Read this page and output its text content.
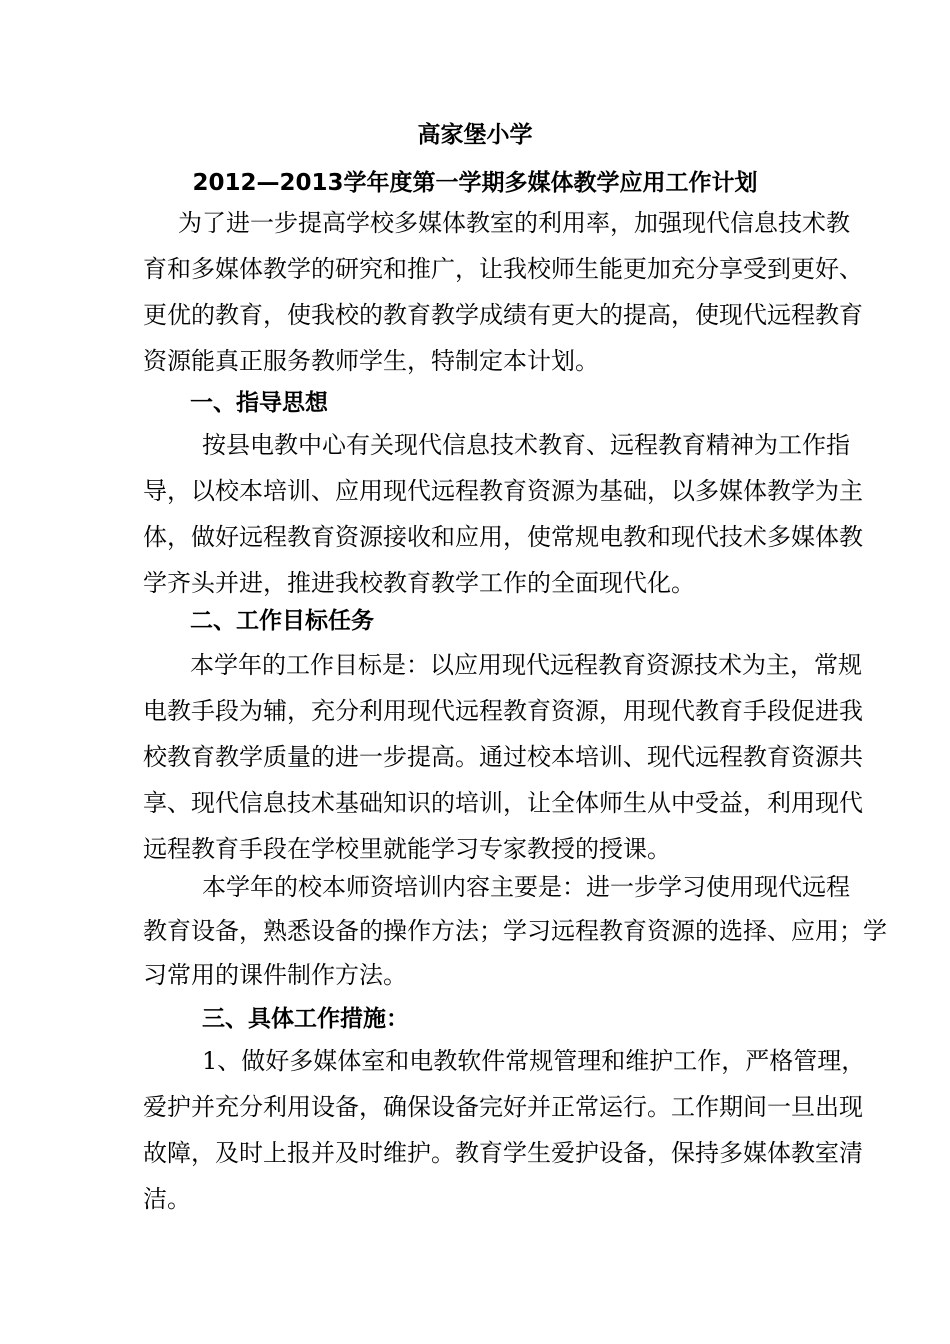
高家堡小学
2012—2013学年度第一学期多媒体教学应用工作计划
为了进一步提高学校多媒体教室的利用率，加强现代信息技术教
育和多媒体教学的研究和推广，让我校师生能更加充分享受到更好、
更优的教育，使我校的教育教学成绩有更大的提高，使现代远程教育
资源能真正服务教师学生，特制定本计划。
一、指导思想
按县电教中心有关现代信息技术教育、远程教育精神为工作指
导，以校本培训、应用现代远程教育资源为基础，以多媒体教学为主
体，做好远程教育资源接收和应用，使常规电教和现代技术多媒体教
学齐头并进，推进我校教育教学工作的全面现代化。
二、工作目标任务
本学年的工作目标是：以应用现代远程教育资源技术为主，常规
电教手段为辅，充分利用现代远程教育资源，用现代教育手段促进我
校教育教学质量的进一步提高。通过校本培训、现代远程教育资源共
享、现代信息技术基础知识的培训，让全体师生从中受益，利用现代
远程教育手段在学校里就能学习专家教授的授课。
本学年的校本师资培训内容主要是：进一步学习使用现代远程
教育设备，熟悉设备的操作方法；学习远程教育资源的选择、应用；学
习常用的课件制作方法。
三、具体工作措施：
1、做好多媒体室和电教软件常规管理和维护工作，严格管理，
爱护并充分利用设备，确保设备完好并正常运行。工作期间一旦出现
故障，及时上报并及时维护。教育学生爱护设备，保持多媒体教室清
洁。
